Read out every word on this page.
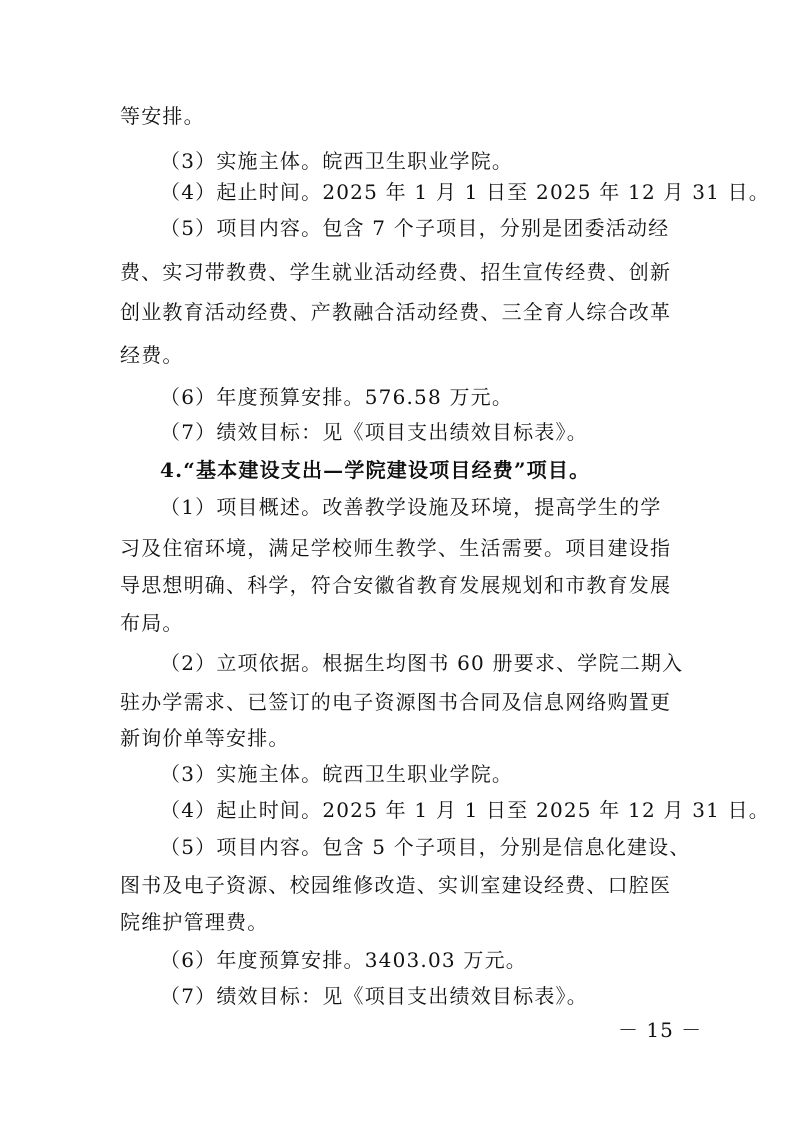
等安排。
（3）实施主体。皖西卫生职业学院。
（4）起止时间。2025 年 1 月 1 日至 2025 年 12 月 31 日。
（5）项目内容。包含 7 个子项目，分别是团委活动经
费、实习带教费、学生就业活动经费、招生宣传经费、创新
创业教育活动经费、产教融合活动经费、三全育人综合改革
经费。
（6）年度预算安排。576.58 万元。
（7）绩效目标：见《项目支出绩效目标表》。
4.“基本建设支出—学院建设项目经费”项目。
（1）项目概述。改善教学设施及环境，提高学生的学
习及住宿环境，满足学校师生教学、生活需要。项目建设指
导思想明确、科学，符合安徽省教育发展规划和市教育发展
布局。
（2）立项依据。根据生均图书 60 册要求、学院二期入
驻办学需求、已签订的电子资源图书合同及信息网络购置更
新询价单等安排。
（3）实施主体。皖西卫生职业学院。
（4）起止时间。2025 年 1 月 1 日至 2025 年 12 月 31 日。
（5）项目内容。包含 5 个子项目，分别是信息化建设、
图书及电子资源、校园维修改造、实训室建设经费、口腔医
院维护管理费。
（6）年度预算安排。3403.03 万元。
（7）绩效目标：见《项目支出绩效目标表》。
－ 15 －
